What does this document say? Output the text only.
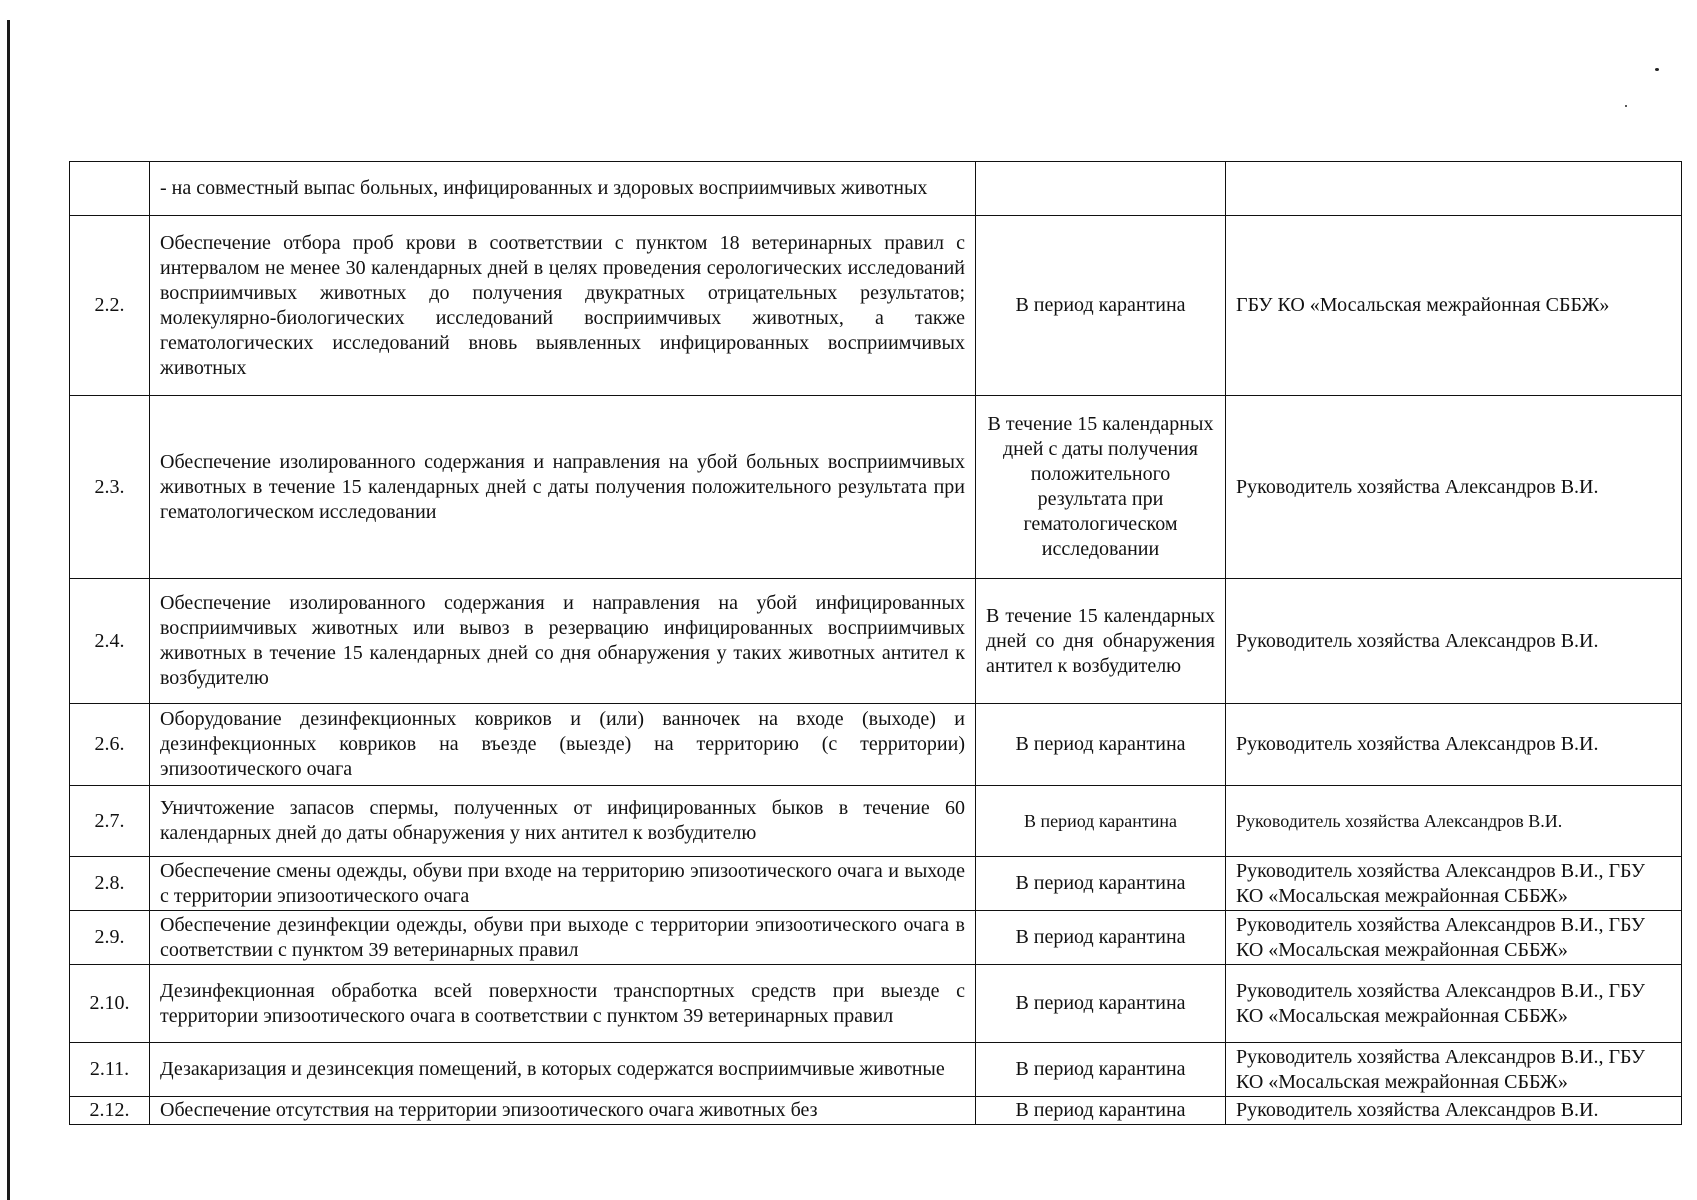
	- на совместный выпас больных, инфицированных и здоровых восприимчивых животных		
2.2.	Обеспечение отбора проб крови в соответствии с пунктом 18 ветеринарных правил с интервалом не менее 30 календарных дней в целях проведения серологических исследований восприимчивых животных до получения двукратных отрицательных результатов; молекулярно-биологических исследований восприимчивых животных, а также гематологических исследований вновь выявленных инфицированных восприимчивых животных	В период карантина	ГБУ КО «Мосальская межрайонная СББЖ»
2.3.	Обеспечение изолированного содержания и направления на убой больных восприимчивых животных в течение 15 календарных дней с даты получения положительного результата при гематологическом исследовании	В течение 15 календарных дней с даты получения положительного результата при гематологическом исследовании	Руководитель хозяйства Александров В.И.
2.4.	Обеспечение изолированного содержания и направления на убой инфицированных восприимчивых животных или вывоз в резервацию инфицированных восприимчивых животных в течение 15 календарных дней со дня обнаружения у таких животных антител к возбудителю	В течение 15 календарных дней со дня обнаружения антител к возбудителю	Руководитель хозяйства Александров В.И.
2.6.	Оборудование дезинфекционных ковриков и (или) ванночек на входе (выходе) и дезинфекционных ковриков на въезде (выезде) на территорию (с территории) эпизоотического очага	В период карантина	Руководитель хозяйства Александров В.И.
2.7.	Уничтожение запасов спермы, полученных от инфицированных быков в течение 60 календарных дней до даты обнаружения у них антител к возбудителю	В период карантина	Руководитель хозяйства Александров В.И.
2.8.	Обеспечение смены одежды, обуви при входе на территорию эпизоотического очага и выходе с территории эпизоотического очага	В период карантина	Руководитель хозяйства Александров В.И., ГБУ КО «Мосальская межрайонная СББЖ»
2.9.	Обеспечение дезинфекции одежды, обуви при выходе с территории эпизоотического очага в соответствии с пунктом 39 ветеринарных правил	В период карантина	Руководитель хозяйства Александров В.И., ГБУ КО «Мосальская межрайонная СББЖ»
2.10.	Дезинфекционная обработка всей поверхности транспортных средств при выезде с территории эпизоотического очага в соответствии с пунктом 39 ветеринарных правил	В период карантина	Руководитель хозяйства Александров В.И., ГБУ КО «Мосальская межрайонная СББЖ»
2.11.	Дезакаризация и дезинсекция помещений, в которых содержатся восприимчивые животные	В период карантина	Руководитель хозяйства Александров В.И., ГБУ КО «Мосальская межрайонная СББЖ»
2.12.	Обеспечение отсутствия на территории эпизоотического очага животных без	В период карантина	Руководитель хозяйства Александров В.И.
